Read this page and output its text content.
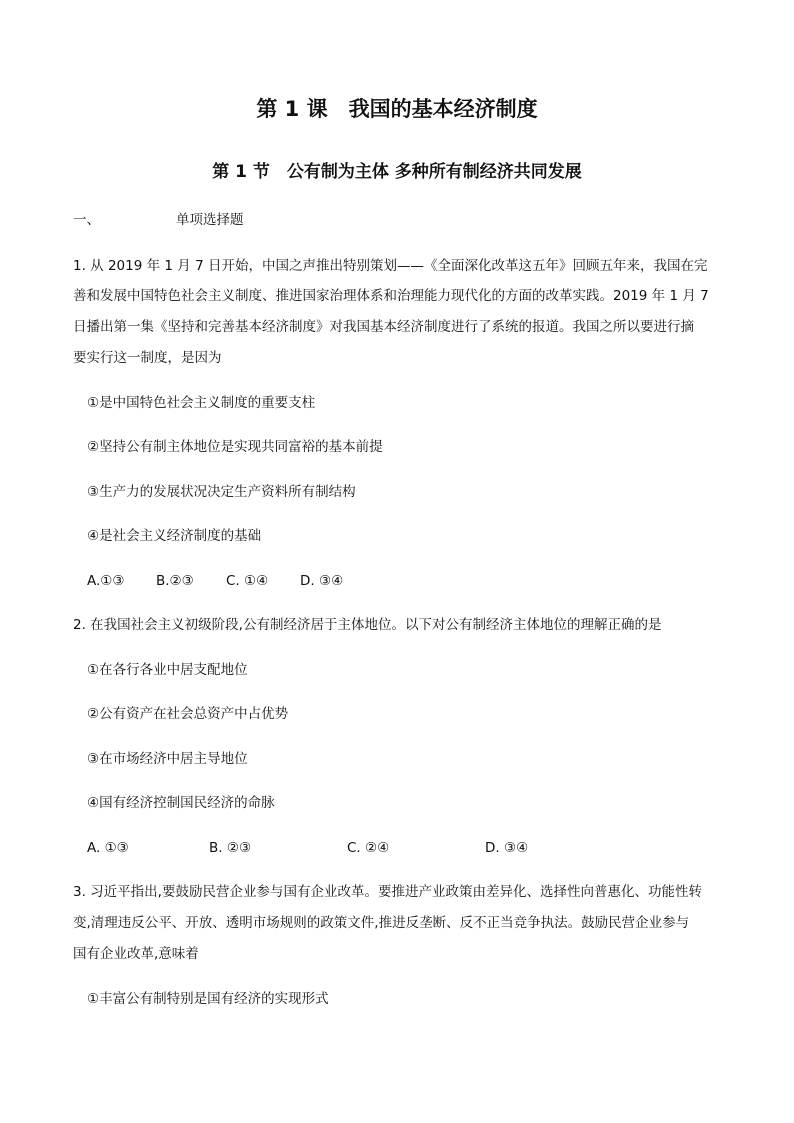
第 1 课　我国的基本经济制度
第 1 节　公有制为主体 多种所有制经济共同发展
一、	单项选择题
1. 从 2019 年 1 月 7 日开始，中国之声推出特别策划——《全面深化改革这五年》回顾五年来，我国在完
善和发展中国特色社会主义制度、推进国家治理体系和治理能力现代化的方面的改革实践。2019 年 1 月 7
日播出第一集《坚持和完善基本经济制度》对我国基本经济制度进行了系统的报道。我国之所以要进行摘
要实行这一制度，是因为
①是中国特色社会主义制度的重要支柱
②坚持公有制主体地位是实现共同富裕的基本前提
③生产力的发展状况决定生产资料所有制结构
④是社会主义经济制度的基础
A.①③ B.②③ C. ①④ D. ③④
2. 在我国社会主义初级阶段,公有制经济居于主体地位。以下对公有制经济主体地位的理解正确的是
①在各行各业中居支配地位
②公有资产在社会总资产中占优势
③在市场经济中居主导地位
④国有经济控制国民经济的命脉
A. ①③	B. ②③	C. ②④	D. ③④
3. 习近平指出,要鼓励民营企业参与国有企业改革。要推进产业政策由差异化、选择性向普惠化、功能性转
变,清理违反公平、开放、透明市场规则的政策文件,推进反垄断、反不正当竞争执法。鼓励民营企业参与
国有企业改革,意味着
①丰富公有制特别是国有经济的实现形式
